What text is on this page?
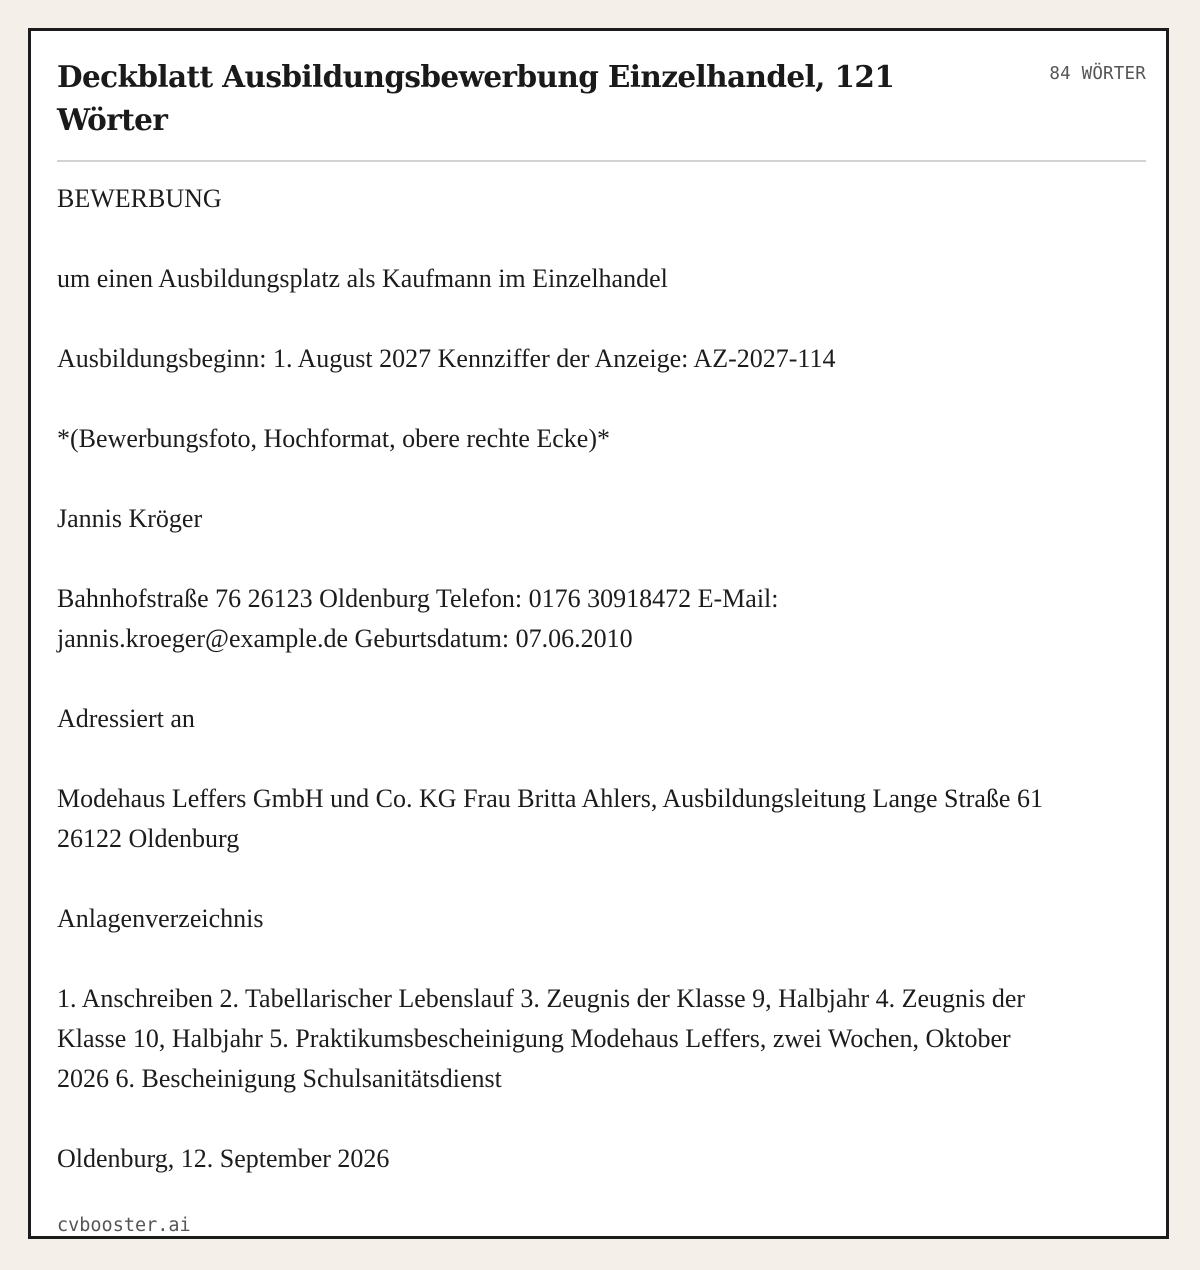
Deckblatt Ausbildungsbewerbung Einzelhandel, 121 Wörter
84 WÖRTER

BEWERBUNG

um einen Ausbildungsplatz als Kaufmann im Einzelhandel

Ausbildungsbeginn: 1. August 2027 Kennziffer der Anzeige: AZ-2027-114

*(Bewerbungsfoto, Hochformat, obere rechte Ecke)*

Jannis Kröger

Bahnhofstraße 76 26123 Oldenburg Telefon: 0176 30918472 E-Mail: jannis.kroeger@example.de Geburtsdatum: 07.06.2010

Adressiert an

Modehaus Leffers GmbH und Co. KG Frau Britta Ahlers, Ausbildungsleitung Lange Straße 61 26122 Oldenburg

Anlagenverzeichnis

1. Anschreiben 2. Tabellarischer Lebenslauf 3. Zeugnis der Klasse 9, Halbjahr 4. Zeugnis der Klasse 10, Halbjahr 5. Praktikumsbescheinigung Modehaus Leffers, zwei Wochen, Oktober 2026 6. Bescheinigung Schulsanitätsdienst

Oldenburg, 12. September 2026

cvbooster.ai
